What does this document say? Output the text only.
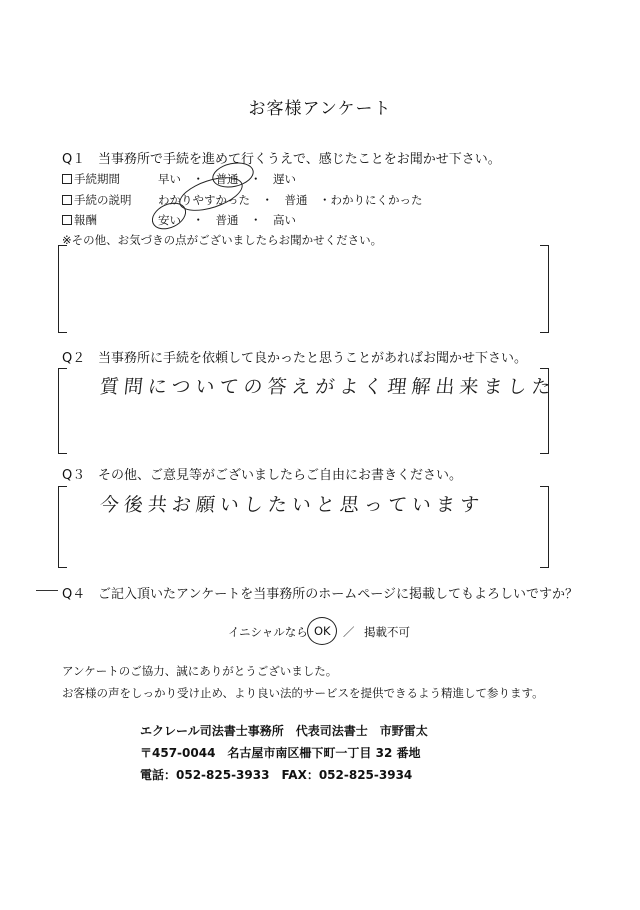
お客様アンケート
Q１ 当事務所で手続を進めて行くうえで、感じたことをお聞かせ下さい。
手続期間	早い　・　普通　・　遅い
手続の説明 わかりやすかった　・　普通　・わかりにくかった
報酬	安い　・　普通　・　高い
※その他、お気づきの点がございましたらお聞かせください。
Q２ 当事務所に手続を依頼して良かったと思うことがあればお聞かせ下さい。
質問についての答えがよく理解出来ました
Q３ その他、ご意見等がございましたらご自由にお書きください。
今後共お願いしたいと思っています
Q４ ご記入頂いたアンケートを当事務所のホームページに掲載してもよろしいですか？
イニシャルなら OK ／ 掲載不可
アンケートのご協力、誠にありがとうございました。
お客様の声をしっかり受け止め、より良い法的サービスを提供できるよう精進して参ります。
エクレール司法書士事務所　代表司法書士　市野雷太
〒457-0044　名古屋市南区柵下町一丁目 32 番地
電話：052-825-3933　FAX：052-825-3934
